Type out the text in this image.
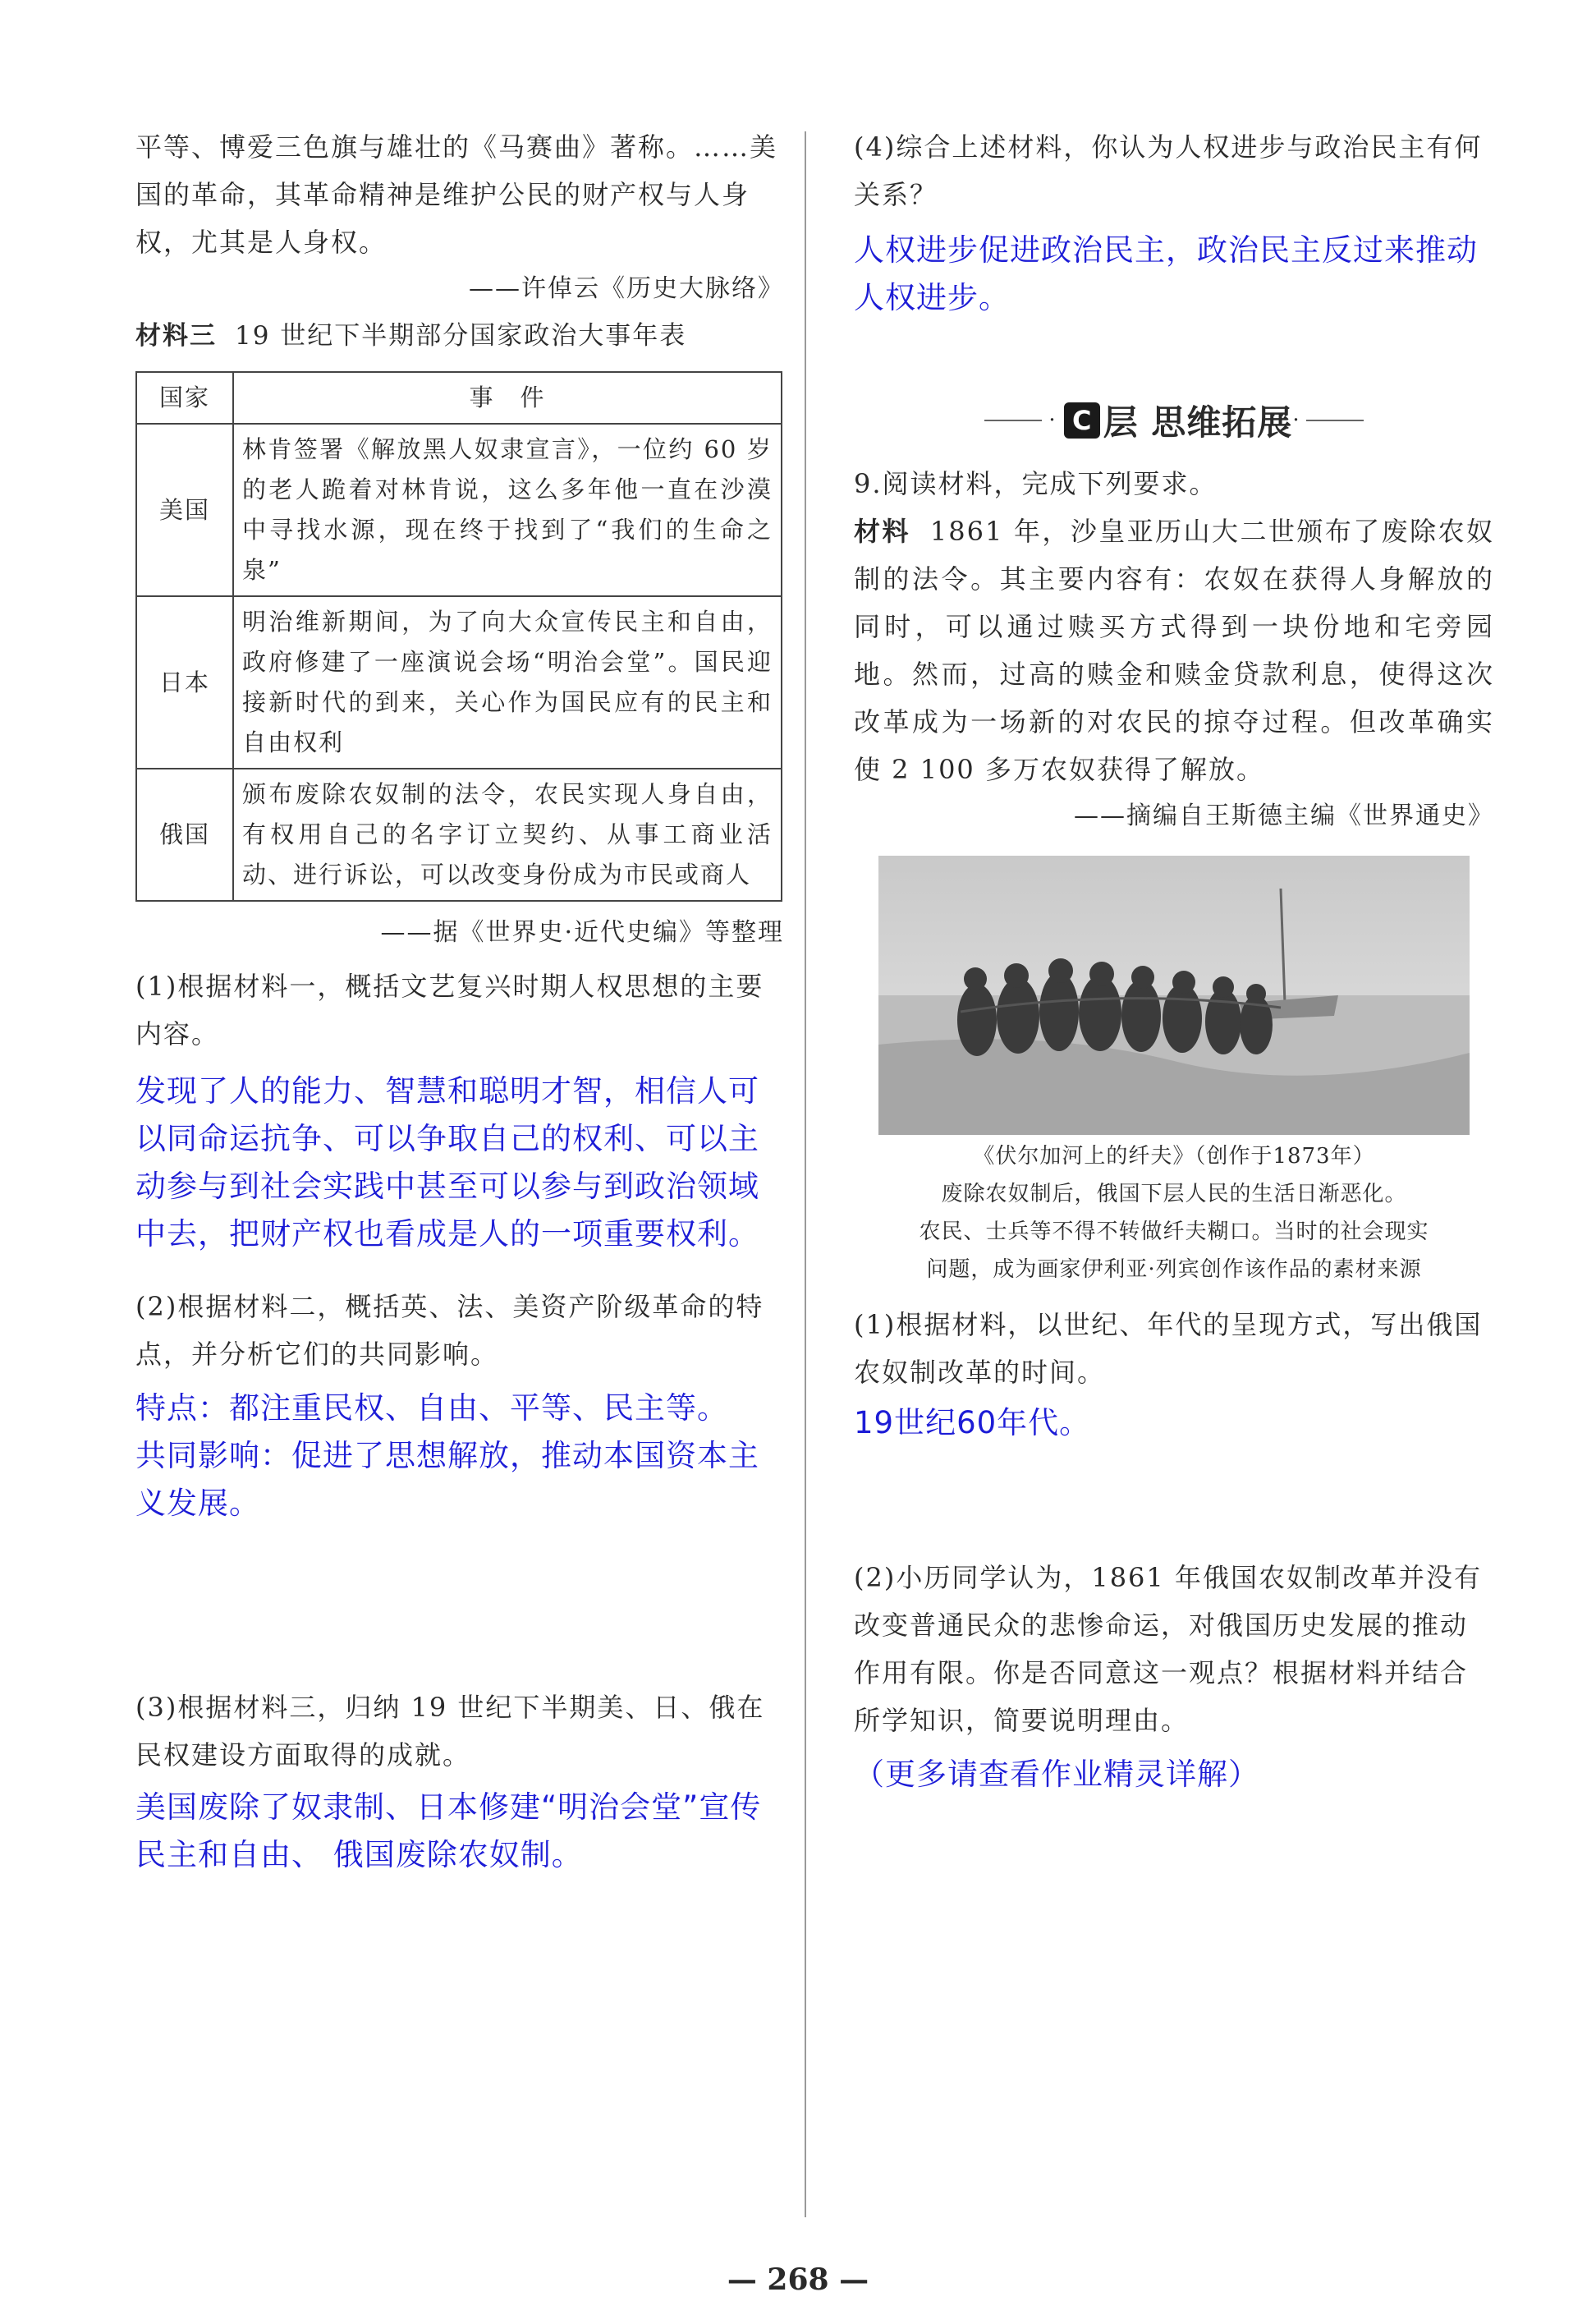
平等、博爱三色旗与雄壮的《马赛曲》著称。……美

国的革命，其革命精神是维护公民的财产权与人身

权，尤其是人身权。

——许倬云《历史大脉络》

材料三 19 世纪下半期部分国家政治大事年表

国家	事　件
美国	林肯签署《解放黑人奴隶宣言》，一位约 60 岁的老人跪着对林肯说，这么多年他一直在沙漠中寻找水源，现在终于找到了“我们的生命之泉”
日本	明治维新期间，为了向大众宣传民主和自由，政府修建了一座演说会场“明治会堂”。国民迎接新时代的到来，关心作为国民应有的民主和自由权利
俄国	颁布废除农奴制的法令，农民实现人身自由，有权用自己的名字订立契约、从事工商业活动、进行诉讼，可以改变身份成为市民或商人

——据《世界史·近代史编》等整理

(1)根据材料一，概括文艺复兴时期人权思想的主要内容。

发现了人的能力、智慧和聪明才智，相信人可以同命运抗争、可以争取自己的权利、可以主动参与到社会实践中甚至可以参与到政治领域中去，把财产权也看成是人的一项重要权利。

(2)根据材料二，概括英、法、美资产阶级革命的特点，并分析它们的共同影响。

特点：都注重民权、自由、平等、民主等。

共同影响：促进了思想解放，推动本国资本主义发展。

(3)根据材料三，归纳 19 世纪下半期美、日、俄在民权建设方面取得的成就。

美国废除了奴隶制、日本修建“明治会堂”宣传民主和自由、 俄国废除农奴制。

(4)综合上述材料，你认为人权进步与政治民主有何关系？

人权进步促进政治民主，政治民主反过来推动人权进步。

· C 层 思维拓展 ·

9.阅读材料，完成下列要求。

材料 1861 年，沙皇亚历山大二世颁布了废除农奴制的法令。其主要内容有：农奴在获得人身解放的同时，可以通过赎买方式得到一块份地和宅旁园地。然而，过高的赎金和赎金贷款利息，使得这次改革成为一场新的对农民的掠夺过程。但改革确实使 2 100 多万农奴获得了解放。

——摘编自王斯德主编《世界通史》

《伏尔加河上的纤夫》（创作于1873年）

废除农奴制后，俄国下层人民的生活日渐恶化。

农民、士兵等不得不转做纤夫糊口。当时的社会现实

问题，成为画家伊利亚·列宾创作该作品的素材来源

(1)根据材料，以世纪、年代的呈现方式，写出俄国农奴制改革的时间。

19世纪60年代。

(2)小历同学认为，1861 年俄国农奴制改革并没有改变普通民众的悲惨命运，对俄国历史发展的推动作用有限。你是否同意这一观点？根据材料并结合所学知识，简要说明理由。

（更多请查看作业精灵详解）

— 268 —
